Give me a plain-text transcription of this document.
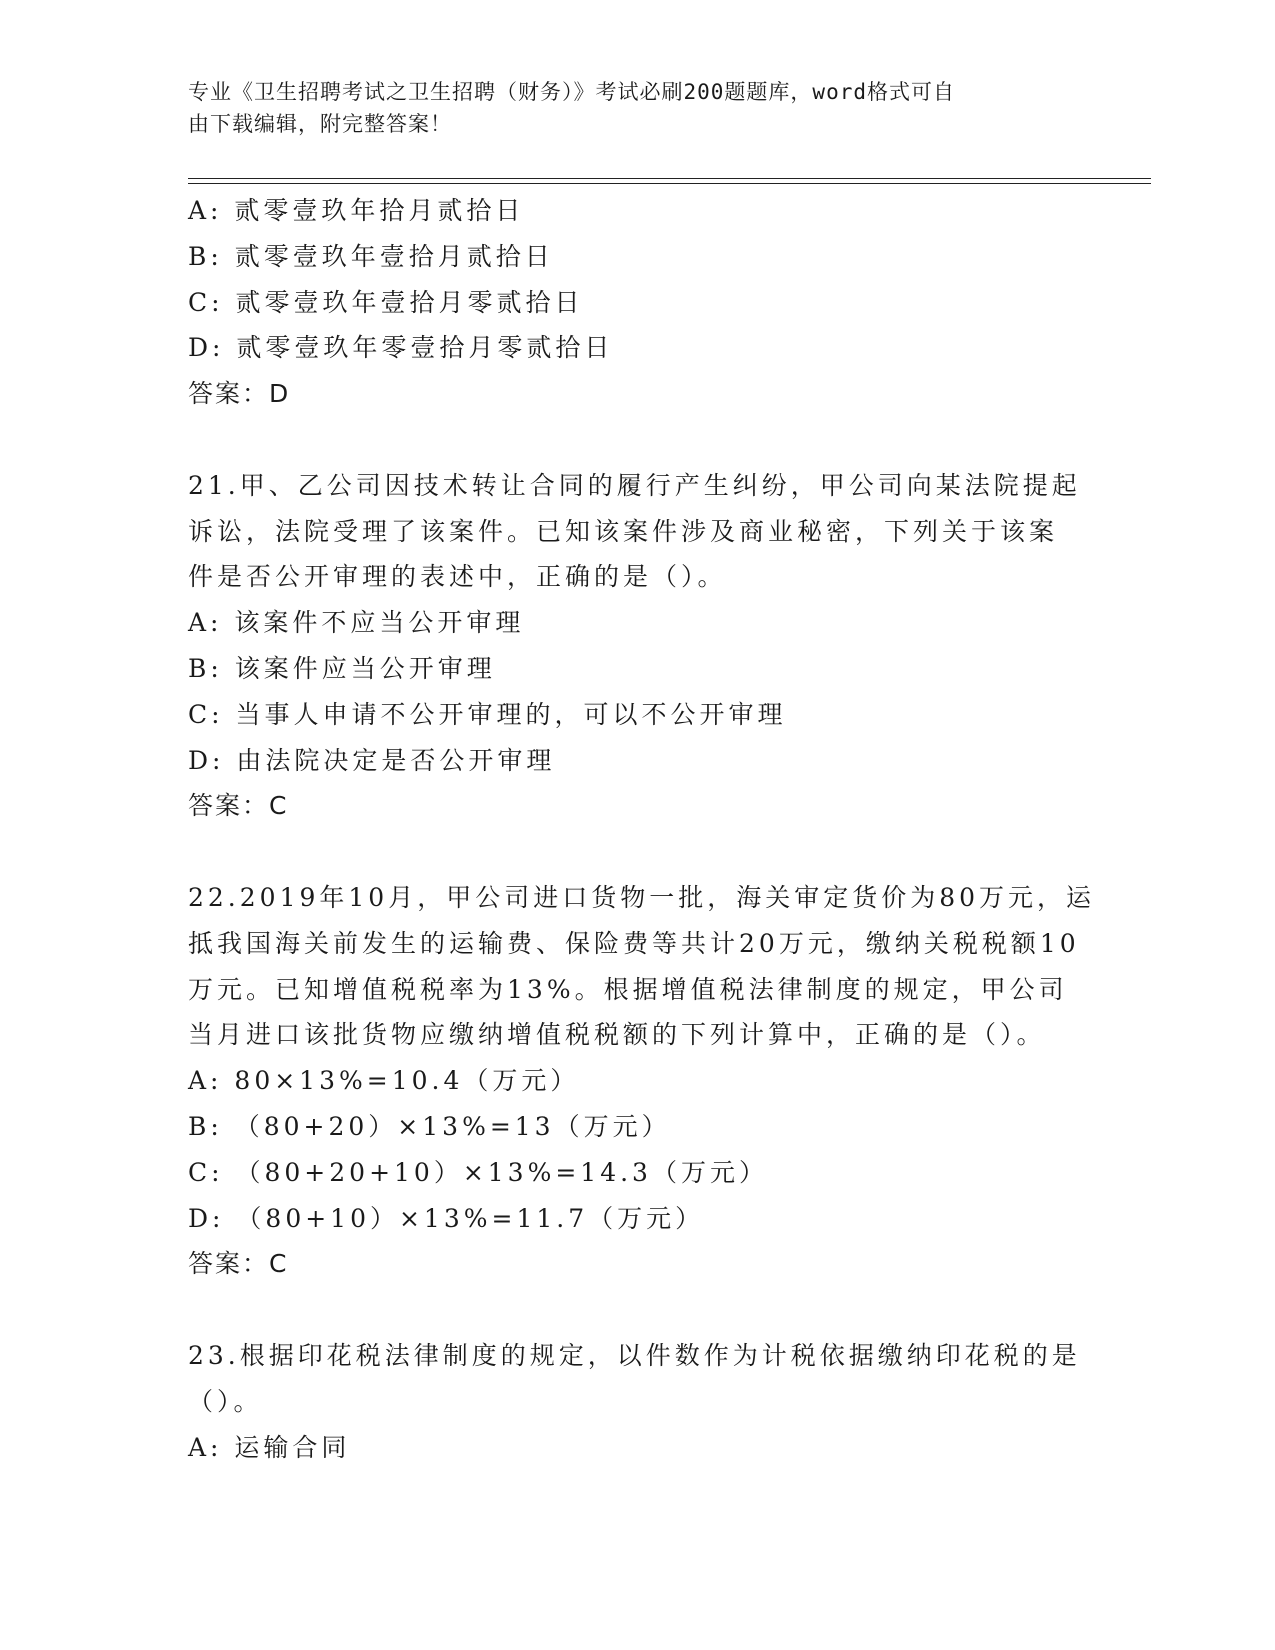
专业《卫生招聘考试之卫生招聘（财务）》考试必刷200题题库，word格式可自
由下载编辑，附完整答案！
A: 贰零壹玖年拾月贰拾日
B: 贰零壹玖年壹拾月贰拾日
C: 贰零壹玖年壹拾月零贰拾日
D: 贰零壹玖年零壹拾月零贰拾日
答案：D
21.甲、乙公司因技术转让合同的履行产生纠纷，甲公司向某法院提起
诉讼，法院受理了该案件。已知该案件涉及商业秘密，下列关于该案
件是否公开审理的表述中，正确的是（）。
A: 该案件不应当公开审理
B: 该案件应当公开审理
C: 当事人申请不公开审理的，可以不公开审理
D: 由法院决定是否公开审理
答案：C
22.2019年10月，甲公司进口货物一批，海关审定货价为80万元，运
抵我国海关前发生的运输费、保险费等共计20万元，缴纳关税税额10
万元。已知增值税税率为13%。根据增值税法律制度的规定，甲公司
当月进口该批货物应缴纳增值税税额的下列计算中，正确的是（）。
A: 80×13%=10.4（万元）
B: （80+20）×13%=13（万元）
C: （80+20+10）×13%=14.3（万元）
D: （80+10）×13%=11.7（万元）
答案：C
23.根据印花税法律制度的规定，以件数作为计税依据缴纳印花税的是
（）。
A: 运输合同
